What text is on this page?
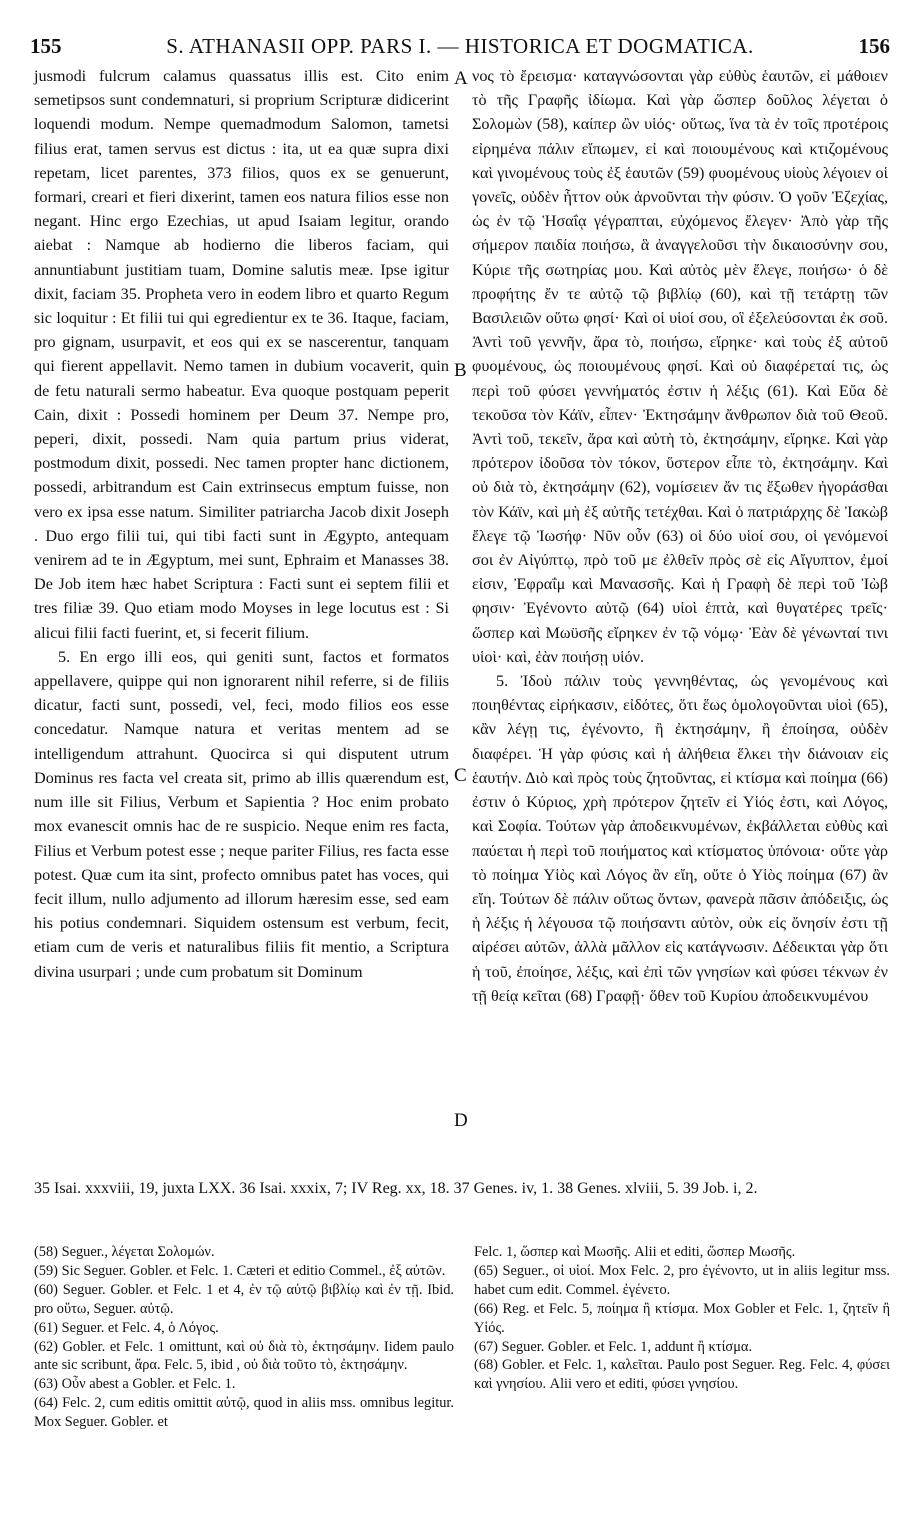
155	S. ATHANASII OPP. PARS I. — HISTORICA ET DOGMATICA.	156

jusmodi fulcrum calamus quassatus illis est. Cito enim semetipsos sunt condemnaturi, si proprium Scripturæ didicerint loquendi modum. Nempe quemadmodum Salomon, tametsi filius erat, tamen servus est dictus : ita, ut ea quæ supra dixi repetam, licet parentes, 373 filios, quos ex se genuerunt, formari, creari et fieri dixerint, tamen eos natura filios esse non negant. Hinc ergo Ezechias, ut apud Isaiam legitur, orando aiebat : Namque ab hodierno die liberos faciam, qui annuntiabunt justitiam tuam, Domine salutis meæ. Ipse igitur dixit, faciam 35. Propheta vero in eodem libro et quarto Regum sic loquitur : Et filii tui qui egredientur ex te 36. Itaque, faciam, pro gignam, usurpavit, et eos qui ex se nascerentur, tanquam qui fierent appellavit. Nemo tamen in dubium vocaverit, quin de fetu naturali sermo habeatur. Eva quoque postquam peperit Cain, dixit : Possedi hominem per Deum 37. Nempe pro, peperi, dixit, possedi. Nam quia partum prius viderat, postmodum dixit, possedi. Nec tamen propter hanc dictionem, possedi, arbitrandum est Cain extrinsecus emptum fuisse, non vero ex ipsa esse natum. Similiter patriarcha Jacob dixit Joseph . Duo ergo filii tui, qui tibi facti sunt in Ægypto, antequam venirem ad te in Ægyptum, mei sunt, Ephraim et Manasses 38. De Job item hæc habet Scriptura : Facti sunt ei septem filii et tres filiæ 39. Quo etiam modo Moyses in lege locutus est : Si alicui filii facti fuerint, et, si fecerit filium.

5. En ergo illi eos, qui geniti sunt, factos et formatos appellavere, quippe qui non ignorarent nihil referre, si de filiis dicatur, facti sunt, possedi, vel, feci, modo filios eos esse concedatur. Namque natura et veritas mentem ad se intelligendum attrahunt. Quocirca si qui disputent utrum Dominus res facta vel creata sit, primo ab illis quærendum est, num ille sit Filius, Verbum et Sapientia ? Hoc enim probato mox evanescit omnis hac de re suspicio. Neque enim res facta, Filius et Verbum potest esse ; neque pariter Filius, res facta esse potest. Quæ cum ita sint, profecto omnibus patet has voces, qui fecit illum, nullo adjumento ad illorum hæresim esse, sed eam his potius condemnari. Siquidem ostensum est verbum, fecit, etiam cum de veris et naturalibus filiis fit mentio, a Scriptura divina usurpari ; unde cum probatum sit Dominum

A
B
C
D

νος τὸ ἔρεισμα· καταγνώσονται γὰρ εὐθὺς ἑαυτῶν, εἰ μάθοιεν τὸ τῆς Γραφῆς ἰδίωμα. Καὶ γὰρ ὥσπερ δοῦλος λέγεται ὁ Σολομὼν (58), καίπερ ὢν υἱός· οὕτως, ἵνα τὰ ἐν τοῖς προτέροις εἰρημένα πάλιν εἴπωμεν, εἰ καὶ ποιουμένους καὶ κτιζομένους καὶ γινομένους τοὺς ἐξ ἑαυτῶν (59) φυομένους υἱοὺς λέγοιεν οἱ γονεῖς, οὐδὲν ἧττον οὐκ ἀρνοῦνται τὴν φύσιν. Ὁ γοῦν Ἐζεχίας, ὡς ἐν τῷ Ἡσαΐᾳ γέγραπται, εὐχόμενος ἔλεγεν· Ἀπὸ γὰρ τῆς σήμερον παιδία ποιήσω, ἃ ἀναγγελοῦσι τὴν δικαιοσύνην σου, Κύριε τῆς σωτηρίας μου. Καὶ αὐτὸς μὲν ἔλεγε, ποιήσω· ὁ δὲ προφήτης ἔν τε αὐτῷ τῷ βιβλίῳ (60), καὶ τῇ τετάρτῃ τῶν Βασιλειῶν οὕτω φησί· Καὶ οἱ υἱοί σου, οἳ ἐξελεύσονται ἐκ σοῦ. Ἀντὶ τοῦ γεννῆν, ἄρα τὸ, ποιήσω, εἴρηκε· καὶ τοὺς ἐξ αὐτοῦ φυομένους, ὡς ποιουμένους φησί. Καὶ οὐ διαφέρεταί τις, ὡς περὶ τοῦ φύσει γεννήματός ἐστιν ἡ λέξις (61). Καὶ Εὔα δὲ τεκοῦσα τὸν Κάϊν, εἶπεν· Ἐκτησάμην ἄνθρωπον διὰ τοῦ Θεοῦ. Ἀντὶ τοῦ, τεκεῖν, ἄρα καὶ αὐτὴ τὸ, ἐκτησάμην, εἴρηκε. Καὶ γὰρ πρότερον ἰδοῦσα τὸν τόκον, ὕστερον εἶπε τὸ, ἐκτησάμην. Καὶ οὐ διὰ τὸ, ἐκτησάμην (62), νομίσειεν ἄν τις ἔξωθεν ἠγοράσθαι τὸν Κάϊν, καὶ μὴ ἐξ αὐτῆς τετέχθαι. Καὶ ὁ πατριάρχης δὲ Ἰακὼβ ἔλεγε τῷ Ἰωσήφ· Νῦν οὖν (63) οἱ δύο υἱοί σου, οἱ γενόμενοί σοι ἐν Αἰγύπτῳ, πρὸ τοῦ με ἐλθεῖν πρὸς σὲ εἰς Αἴγυπτον, ἐμοί εἰσιν, Ἐφραΐμ καὶ Μανασσῆς. Καὶ ἡ Γραφὴ δὲ περὶ τοῦ Ἰὼβ φησιν· Ἐγένοντο αὐτῷ (64) υἱοὶ ἑπτὰ, καὶ θυγατέρες τρεῖς· ὥσπερ καὶ Μωϋσῆς εἴρηκεν ἐν τῷ νόμῳ· Ἐὰν δὲ γένωνταί τινι υἱοὶ· καὶ, ἐὰν ποιήσῃ υἱόν.

5. Ἰδοὺ πάλιν τοὺς γεννηθέντας, ὡς γενομένους καὶ ποιηθέντας εἰρήκασιν, εἰδότες, ὅτι ἕως ὁμολογοῦνται υἱοὶ (65), κἂν λέγῃ τις, ἐγένοντο, ἢ ἐκτησάμην, ἢ ἐποίησα, οὐδὲν διαφέρει. Ἡ γὰρ φύσις καὶ ἡ ἀλήθεια ἕλκει τὴν διάνοιαν εἰς ἑαυτήν. Διὸ καὶ πρὸς τοὺς ζητοῦντας, εἰ κτίσμα καὶ ποίημα (66) ἐστιν ὁ Κύριος, χρὴ πρότερον ζητεῖν εἰ Υἱός ἐστι, καὶ Λόγος, καὶ Σοφία. Τούτων γὰρ ἀποδεικνυμένων, ἐκβάλλεται εὐθὺς καὶ παύεται ἡ περὶ τοῦ ποιήματος καὶ κτίσματος ὑπόνοια· οὔτε γὰρ τὸ ποίημα Υἱὸς καὶ Λόγος ἂν εἴη, οὔτε ὁ Υἱὸς ποίημα (67) ἂν εἴη. Τούτων δὲ πάλιν οὕτως ὄντων, φανερὰ πᾶσιν ἀπόδειξις, ὡς ἡ λέξις ἡ λέγουσα τῷ ποιήσαντι αὐτὸν, οὐκ εἰς ὄνησίν ἐστι τῇ αἱρέσει αὐτῶν, ἀλλὰ μᾶλλον εἰς κατάγνωσιν. Δέδεικται γὰρ ὅτι ἡ τοῦ, ἐποίησε, λέξις, καὶ ἐπὶ τῶν γνησίων καὶ φύσει τέκνων ἐν τῇ θείᾳ κεῖται (68) Γραφῇ· ὅθεν τοῦ Κυρίου ἀποδεικνυμένου

35 Isai. xxxviii, 19, juxta LXX. 36 Isai. xxxix, 7; IV Reg. xx, 18. 37 Genes. iv, 1. 38 Genes. xlviii, 5. 39 Job. i, 2.

(58) Seguer., λέγεται Σολομών.

(59) Sic Seguer. Gobler. et Felc. 1. Cæteri et editio Commel., ἐξ αὐτῶν.

(60) Seguer. Gobler. et Felc. 1 et 4, ἐν τῷ αὐτῷ βιβλίῳ καὶ ἐν τῇ. Ibid. pro οὕτω, Seguer. αὐτῷ.

(61) Seguer. et Felc. 4, ὁ Λόγος.

(62) Gobler. et Felc. 1 omittunt, καὶ οὐ διὰ τὸ, ἐκτησάμην. Iidem paulo ante sic scribunt, ἄρα. Felc. 5, ibid , οὐ διὰ τοῦτο τὸ, ἐκτησάμην.

(63) Οὖν abest a Gobler. et Felc. 1.

(64) Felc. 2, cum editis omittit αὐτῷ, quod in aliis mss. omnibus legitur. Mox Seguer. Gobler. et

Felc. 1, ὥσπερ καὶ Μωσῆς. Alii et editi, ὥσπερ Μωσῆς.

(65) Seguer., οἱ υἱοί. Mox Felc. 2, pro ἐγένοντο, ut in aliis legitur mss. habet cum edit. Commel. ἐγένετο.

(66) Reg. et Felc. 5, ποίημα ἢ κτίσμα. Mox Gobler et Felc. 1, ζητεῖν ἢ Υἱός.

(67) Seguer. Gobler. et Felc. 1, addunt ἢ κτίσμα.

(68) Gobler. et Felc. 1, καλεῖται. Paulo post Seguer. Reg. Felc. 4, φύσει καὶ γνησίου. Alii vero et editi, φύσει γνησίου.
